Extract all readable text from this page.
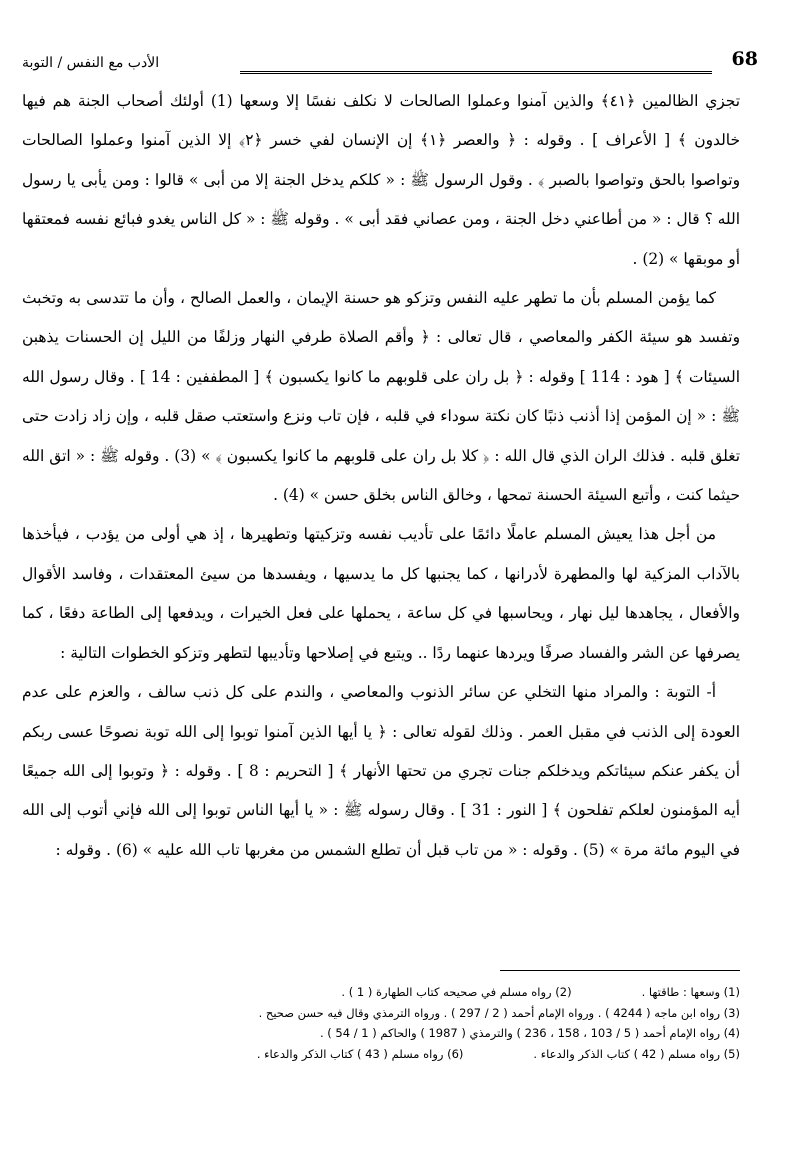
68
الأدب مع النفس / التوبة

تجزي الظالمين ﴿٤١﴾ والذين آمنوا وعملوا الصالحات لا نكلف نفسًا إلا وسعها (1) أولئك أصحاب الجنة هم فيها خالدون ﴾ [ الأعراف ] . وقوله : ﴿ والعصر ﴿١﴾ إن الإنسان لفي خسر ﴿٢﴾ إلا الذين آمنوا وعملوا الصالحات وتواصوا بالحق وتواصوا بالصبر ﴾ . وقول الرسول ﷺ : « كلكم يدخل الجنة إلا من أبى » قالوا : ومن يأبى يا رسول الله ؟ قال : « من أطاعني دخل الجنة ، ومن عصاني فقد أبى » . وقوله ﷺ : « كل الناس يغدو فبائع نفسه فمعتقها أو موبقها » (2) .

كما يؤمن المسلم بأن ما تطهر عليه النفس وتزكو هو حسنة الإيمان ، والعمل الصالح ، وأن ما تتدسى به وتخبث وتفسد هو سيئة الكفر والمعاصي ، قال تعالى : ﴿ وأقم الصلاة طرفي النهار وزلفًا من الليل إن الحسنات يذهبن السيئات ﴾ [ هود : 114 ] وقوله : ﴿ بل ران على قلوبهم ما كانوا يكسبون ﴾ [ المطففين : 14 ] . وقال رسول الله ﷺ : « إن المؤمن إذا أذنب ذنبًا كان نكتة سوداء في قلبه ، فإن تاب ونزع واستعتب صقل قلبه ، وإن زاد زادت حتى تغلق قلبه . فذلك الران الذي قال الله : ﴿ كلا بل ران على قلوبهم ما كانوا يكسبون ﴾ » (3) . وقوله ﷺ : « اتق الله حيثما كنت ، وأتبع السيئة الحسنة تمحها ، وخالق الناس بخلق حسن » (4) .

من أجل هذا يعيش المسلم عاملًا دائمًا على تأديب نفسه وتزكيتها وتطهيرها ، إذ هي أولى من يؤدب ، فيأخذها بالآداب المزكية لها والمطهرة لأدرانها ، كما يجنبها كل ما يدسيها ، ويفسدها من سيئ المعتقدات ، وفاسد الأقوال والأفعال ، يجاهدها ليل نهار ، ويحاسبها في كل ساعة ، يحملها على فعل الخيرات ، ويدفعها إلى الطاعة دفعًا ، كما يصرفها عن الشر والفساد صرفًا ويردها عنهما ردًا .. ويتبع في إصلاحها وتأديبها لتطهر وتزكو الخطوات التالية :

أ- التوبة : والمراد منها التخلي عن سائر الذنوب والمعاصي ، والندم على كل ذنب سالف ، والعزم على عدم العودة إلى الذنب في مقبل العمر . وذلك لقوله تعالى : ﴿ يا أيها الذين آمنوا توبوا إلى الله توبة نصوحًا عسى ربكم أن يكفر عنكم سيئاتكم ويدخلكم جنات تجري من تحتها الأنهار ﴾ [ التحريم : 8 ] . وقوله : ﴿ وتوبوا إلى الله جميعًا أيه المؤمنون لعلكم تفلحون ﴾ [ النور : 31 ] . وقال رسوله ﷺ : « يا أيها الناس توبوا إلى الله فإني أتوب إلى الله في اليوم مائة مرة » (5) . وقوله : « من تاب قبل أن تطلع الشمس من مغربها تاب الله عليه » (6) . وقوله :

(1) وسعها : طاقتها .
(2) رواه مسلم في صحيحه كتاب الطهارة ( 1 ) .
(3) رواه ابن ماجه ( 4244 ) . ورواه الإمام أحمد ( 2 / 297 ) . ورواه الترمذي وقال فيه حسن صحيح .
(4) رواه الإمام أحمد ( 5 / 103 ، 158 ، 236 ) والترمذي ( 1987 ) والحاكم ( 1 / 54 ) .
(5) رواه مسلم ( 42 ) كتاب الذكر والدعاء .
(6) رواه مسلم ( 43 ) كتاب الذكر والدعاء .
